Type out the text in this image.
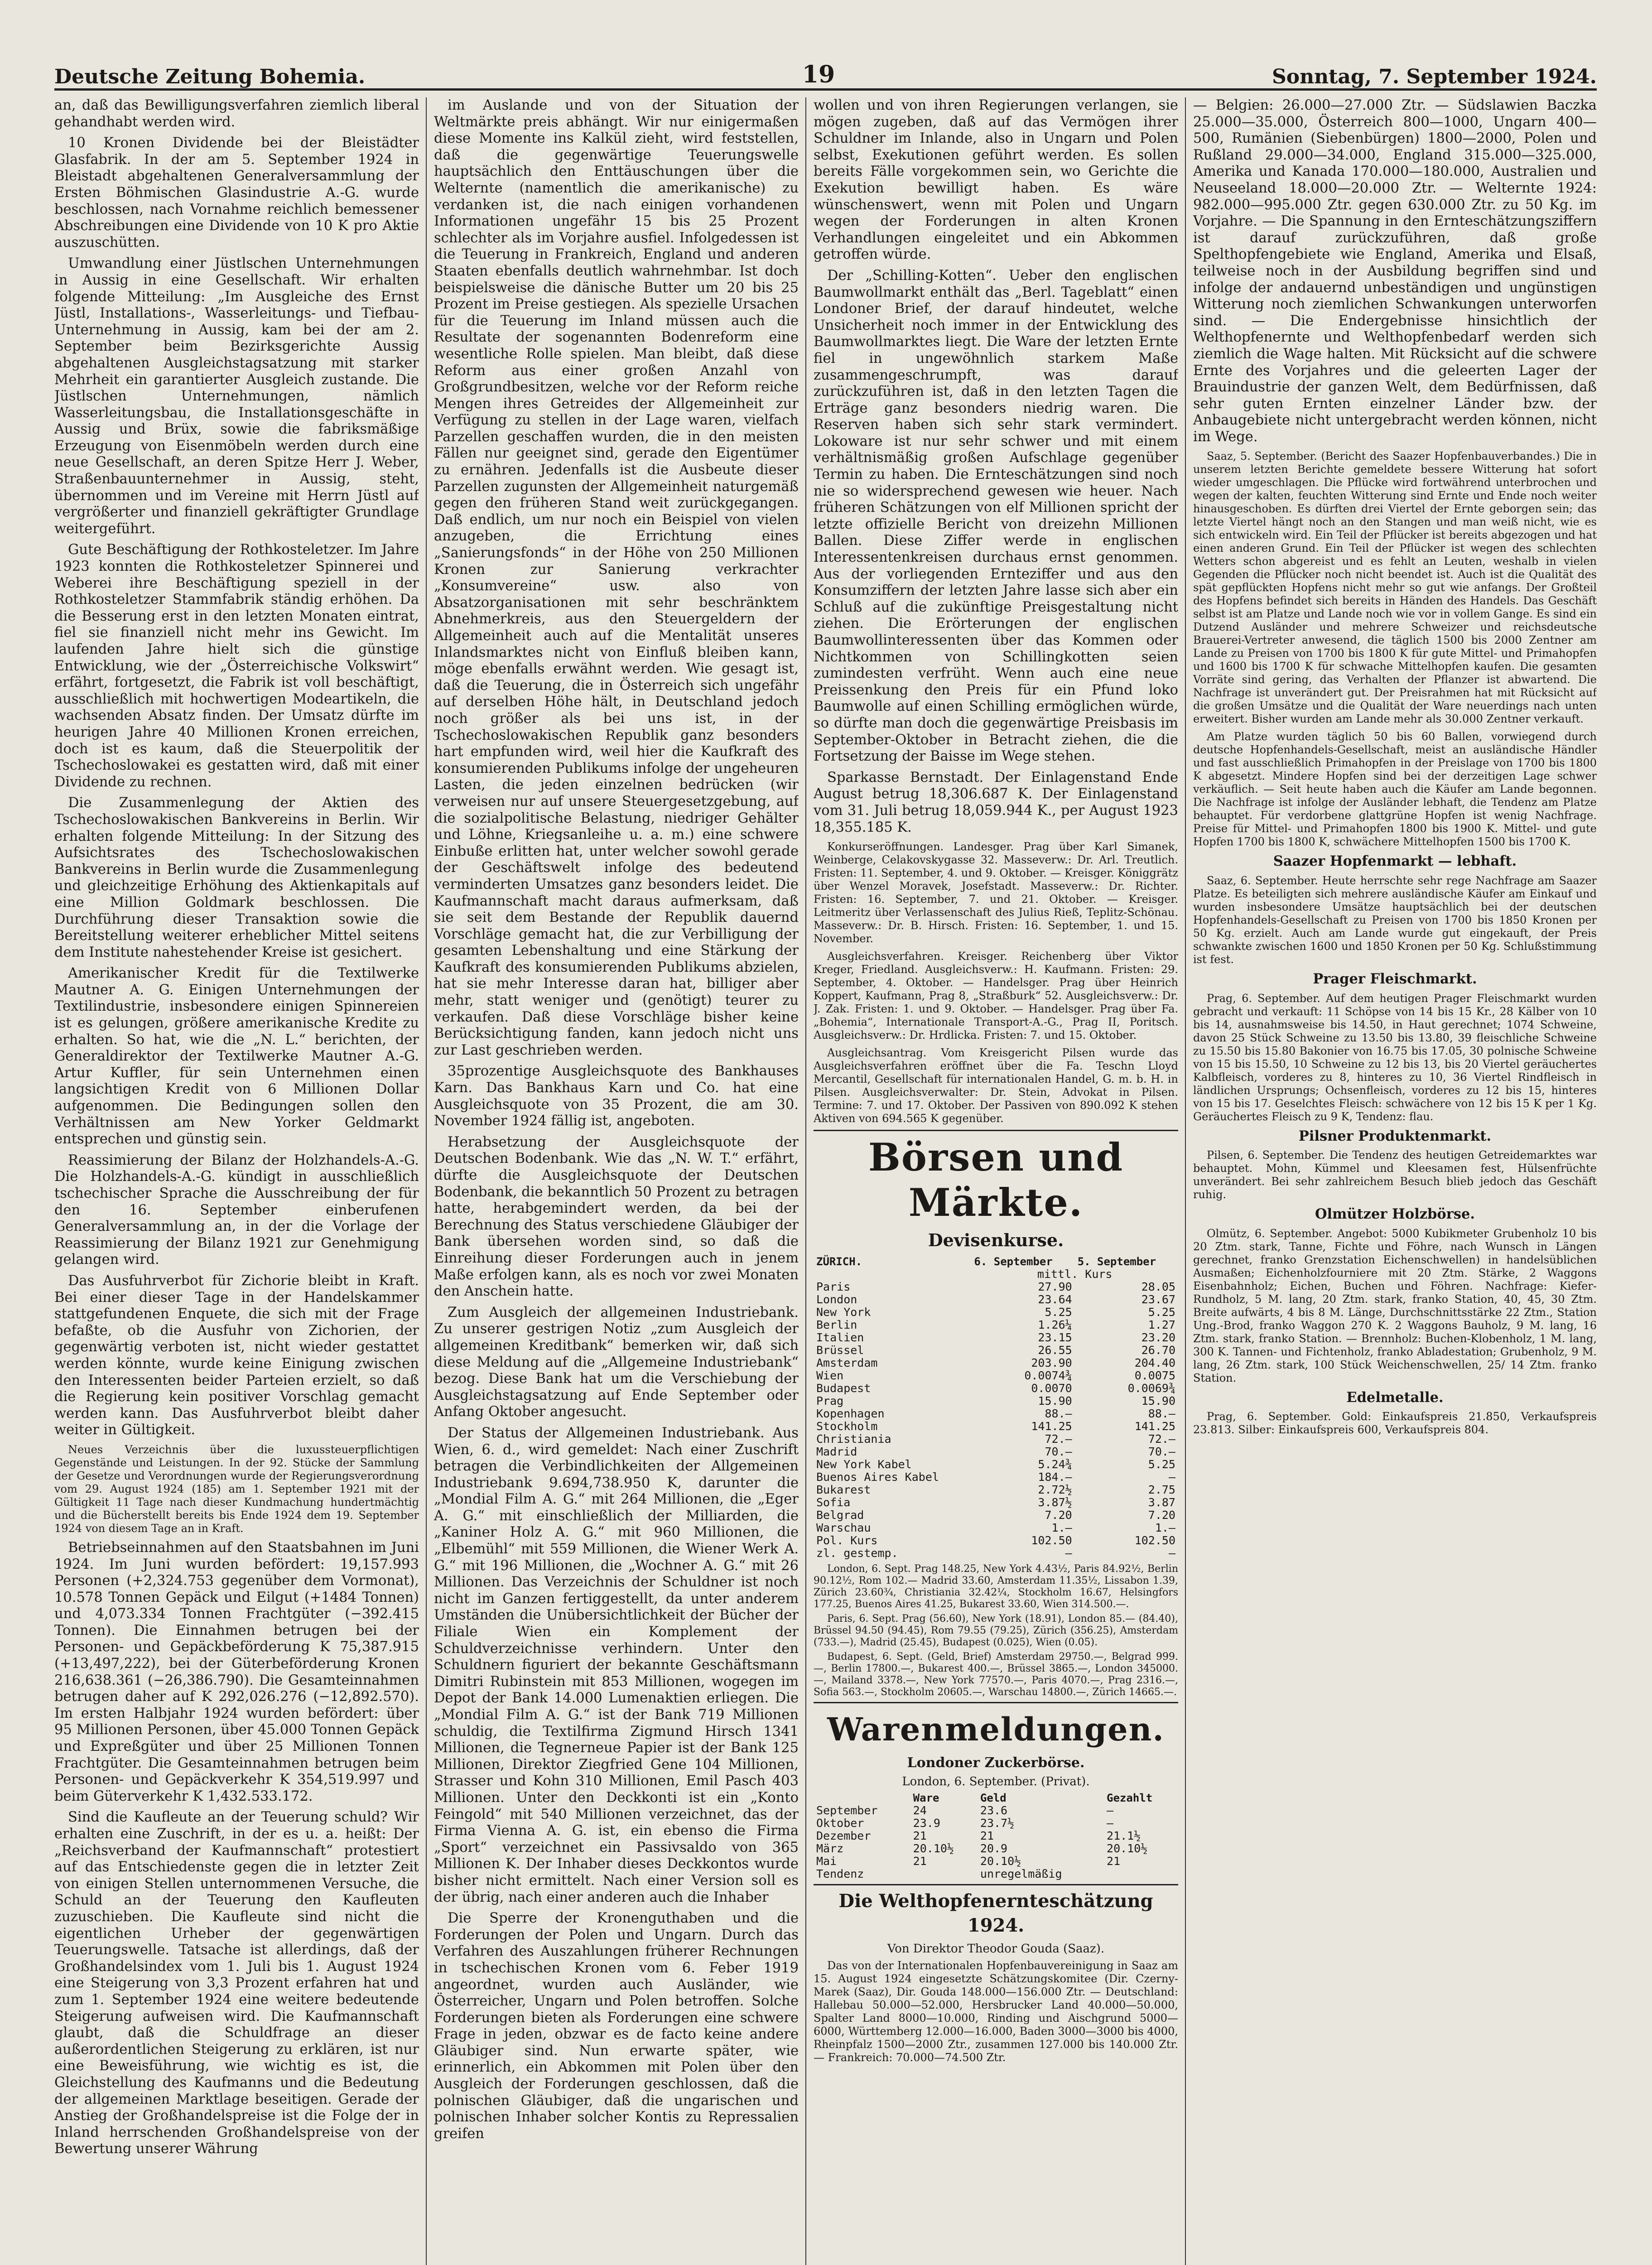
Deutsche Zeitung Bohemia.	19	Sonntag, 7. September 1924.

an, daß das Bewilligungsverfahren ziemlich liberal gehandhabt werden wird.

10 Kronen Dividende bei der Bleistädter Glasfabrik. In der am 5. September 1924 in Bleistadt abgehaltenen Generalversammlung der Ersten Böhmischen Glasindustrie A.-G. wurde beschlossen, nach Vornahme reichlich bemessener Abschreibungen eine Dividende von 10 K pro Aktie auszuschütten.

Umwandlung einer Jüstlschen Unternehmungen in Aussig in eine Gesellschaft. Wir erhalten folgende Mitteilung: „Im Ausgleiche des Ernst Jüstl, Installations-, Wasserleitungs- und Tiefbau-Unternehmung in Aussig, kam bei der am 2. September beim Bezirksgerichte Aussig abgehaltenen Ausgleichstagsatzung mit starker Mehrheit ein garantierter Ausgleich zustande. Die Jüstlschen Unternehmungen, nämlich Wasserleitungsbau, die Installationsgeschäfte in Aussig und Brüx, sowie die fabriksmäßige Erzeugung von Eisenmöbeln werden durch eine neue Gesellschaft, an deren Spitze Herr J. Weber, Straßenbauunternehmer in Aussig, steht, übernommen und im Vereine mit Herrn Jüstl auf vergrößerter und finanziell gekräftigter Grundlage weitergeführt.

Gute Beschäftigung der Rothkosteletzer. Im Jahre 1923 konnten die Rothkosteletzer Spinnerei und Weberei ihre Beschäftigung speziell in der Rothkosteletzer Stammfabrik ständig erhöhen. Da die Besserung erst in den letzten Monaten eintrat, fiel sie finanziell nicht mehr ins Gewicht. Im laufenden Jahre hielt sich die günstige Entwicklung, wie der „Österreichische Volkswirt“ erfährt, fortgesetzt, die Fabrik ist voll beschäftigt, ausschließlich mit hochwertigen Modeartikeln, die wachsenden Absatz finden. Der Umsatz dürfte im heurigen Jahre 40 Millionen Kronen erreichen, doch ist es kaum, daß die Steuerpolitik der Tschechoslowakei es gestatten wird, daß mit einer Dividende zu rechnen.

Die Zusammenlegung der Aktien des Tschechoslowakischen Bankvereins in Berlin. Wir erhalten folgende Mitteilung: In der Sitzung des Aufsichtsrates des Tschechoslowakischen Bankvereins in Berlin wurde die Zusammenlegung und gleichzeitige Erhöhung des Aktienkapitals auf eine Million Goldmark beschlossen. Die Durchführung dieser Transaktion sowie die Bereitstellung weiterer erheblicher Mittel seitens dem Institute nahestehender Kreise ist gesichert.

Amerikanischer Kredit für die Textilwerke Mautner A. G. Einigen Unternehmungen der Textilindustrie, insbesondere einigen Spinnereien ist es gelungen, größere amerikanische Kredite zu erhalten. So hat, wie die „N. L.“ berichten, der Generaldirektor der Textilwerke Mautner A.-G. Artur Kuffler, für sein Unternehmen einen langsichtigen Kredit von 6 Millionen Dollar aufgenommen. Die Bedingungen sollen den Verhältnissen am New Yorker Geldmarkt entsprechen und günstig sein.

Reassimierung der Bilanz der Holzhandels-A.-G. Die Holzhandels-A.-G. kündigt in ausschließlich tschechischer Sprache die Ausschreibung der für den 16. September einberufenen Generalversammlung an, in der die Vorlage der Reassimierung der Bilanz 1921 zur Genehmigung gelangen wird.

Das Ausfuhrverbot für Zichorie bleibt in Kraft. Bei einer dieser Tage in der Handelskammer stattgefundenen Enquete, die sich mit der Frage befaßte, ob die Ausfuhr von Zichorien, der gegenwärtig verboten ist, nicht wieder gestattet werden könnte, wurde keine Einigung zwischen den Interessenten beider Parteien erzielt, so daß die Regierung kein positiver Vorschlag gemacht werden kann. Das Ausfuhrverbot bleibt daher weiter in Gültigkeit.

Neues Verzeichnis über die luxussteuerpflichtigen Gegenstände und Leistungen. In der 92. Stücke der Sammlung der Gesetze und Verordnungen wurde der Regierungsverordnung vom 29. August 1924 (185) am 1. September 1921 mit der Gültigkeit 11 Tage nach dieser Kundmachung hundertmächtig und die Bücherstellt bereits bis Ende 1924 dem 19. September 1924 von diesem Tage an in Kraft.

Betriebseinnahmen auf den Staatsbahnen im Juni 1924. Im Juni wurden befördert: 19,157.993 Personen (+2,324.753 gegenüber dem Vormonat), 10.578 Tonnen Gepäck und Eilgut (+1484 Tonnen) und 4,073.334 Tonnen Frachtgüter (−392.415 Tonnen). Die Einnahmen betrugen bei der Personen- und Gepäckbeförderung K 75,387.915 (+13,497,222), bei der Güterbeförderung Kronen 216,638.361 (−26,386.790). Die Gesamteinnahmen betrugen daher auf K 292,026.276 (−12,892.570). Im ersten Halbjahr 1924 wurden befördert: über 95 Millionen Personen, über 45.000 Tonnen Gepäck und Expreßgüter und über 25 Millionen Tonnen Frachtgüter. Die Gesamteinnahmen betrugen beim Personen- und Gepäckverkehr K 354,519.997 und beim Güterverkehr K 1,432.533.172.

Sind die Kaufleute an der Teuerung schuld? Wir erhalten eine Zuschrift, in der es u. a. heißt: Der „Reichsverband der Kaufmannschaft“ protestiert auf das Entschiedenste gegen die in letzter Zeit von einigen Stellen unternommenen Versuche, die Schuld an der Teuerung den Kaufleuten zuzuschieben. Die Kaufleute sind nicht die eigentlichen Urheber der gegenwärtigen Teuerungswelle. Tatsache ist allerdings, daß der Großhandelsindex vom 1. Juli bis 1. August 1924 eine Steigerung von 3,3 Prozent erfahren hat und zum 1. September 1924 eine weitere bedeutende Steigerung aufweisen wird. Die Kaufmannschaft glaubt, daß die Schuldfrage an dieser außerordentlichen Steigerung zu erklären, ist nur eine Beweisführung, wie wichtig es ist, die Gleichstellung des Kaufmanns und die Bedeutung der allgemeinen Marktlage beseitigen. Gerade der Anstieg der Großhandelspreise ist die Folge der in Inland herrschenden Großhandelspreise von der Bewertung unserer Währung

im Auslande und von der Situation der Weltmärkte preis abhängt. Wir nur einigermaßen diese Momente ins Kalkül zieht, wird feststellen, daß die gegenwärtige Teuerungswelle hauptsächlich den Enttäuschungen über die Welternte (namentlich die amerikanische) zu verdanken ist, die nach einigen vorhandenen Informationen ungefähr 15 bis 25 Prozent schlechter als im Vorjahre ausfiel. Infolgedessen ist die Teuerung in Frankreich, England und anderen Staaten ebenfalls deutlich wahrnehmbar. Ist doch beispielsweise die dänische Butter um 20 bis 25 Prozent im Preise gestiegen. Als spezielle Ursachen für die Teuerung im Inland müssen auch die Resultate der sogenannten Bodenreform eine wesentliche Rolle spielen. Man bleibt, daß diese Reform aus einer großen Anzahl von Großgrundbesitzen, welche vor der Reform reiche Mengen ihres Getreides der Allgemeinheit zur Verfügung zu stellen in der Lage waren, vielfach Parzellen geschaffen wurden, die in den meisten Fällen nur geeignet sind, gerade den Eigentümer zu ernähren. Jedenfalls ist die Ausbeute dieser Parzellen zugunsten der Allgemeinheit naturgemäß gegen den früheren Stand weit zurückgegangen. Daß endlich, um nur noch ein Beispiel von vielen anzugeben, die Errichtung eines „Sanierungsfonds“ in der Höhe von 250 Millionen Kronen zur Sanierung verkrachter „Konsumvereine“ usw. also von Absatzorganisationen mit sehr beschränktem Abnehmerkreis, aus den Steuergeldern der Allgemeinheit auch auf die Mentalität unseres Inlandsmarktes nicht von Einfluß bleiben kann, möge ebenfalls erwähnt werden. Wie gesagt ist, daß die Teuerung, die in Österreich sich ungefähr auf derselben Höhe hält, in Deutschland jedoch noch größer als bei uns ist, in der Tschechoslowakischen Republik ganz besonders hart empfunden wird, weil hier die Kaufkraft des konsumierenden Publikums infolge der ungeheuren Lasten, die jeden einzelnen bedrücken (wir verweisen nur auf unsere Steuergesetzgebung, auf die sozialpolitische Belastung, niedriger Gehälter und Löhne, Kriegsanleihe u. a. m.) eine schwere Einbuße erlitten hat, unter welcher sowohl gerade der Geschäftswelt infolge des bedeutend verminderten Umsatzes ganz besonders leidet. Die Kaufmannschaft macht daraus aufmerksam, daß sie seit dem Bestande der Republik dauernd Vorschläge gemacht hat, die zur Verbilligung der gesamten Lebenshaltung und eine Stärkung der Kaufkraft des konsumierenden Publikums abzielen, hat sie mehr Interesse daran hat, billiger aber mehr, statt weniger und (genötigt) teurer zu verkaufen. Daß diese Vorschläge bisher keine Berücksichtigung fanden, kann jedoch nicht uns zur Last geschrieben werden.

35prozentige Ausgleichsquote des Bankhauses Karn. Das Bankhaus Karn und Co. hat eine Ausgleichsquote von 35 Prozent, die am 30. November 1924 fällig ist, angeboten.

Herabsetzung der Ausgleichsquote der Deutschen Bodenbank. Wie das „N. W. T.“ erfährt, dürfte die Ausgleichsquote der Deutschen Bodenbank, die bekanntlich 50 Prozent zu betragen hatte, herabgemindert werden, da bei der Berechnung des Status verschiedene Gläubiger der Bank übersehen worden sind, so daß die Einreihung dieser Forderungen auch in jenem Maße erfolgen kann, als es noch vor zwei Monaten den Anschein hatte.

Zum Ausgleich der allgemeinen Industriebank. Zu unserer gestrigen Notiz „zum Ausgleich der allgemeinen Kreditbank“ bemerken wir, daß sich diese Meldung auf die „Allgemeine Industriebank“ bezog. Diese Bank hat um die Verschiebung der Ausgleichstagsatzung auf Ende September oder Anfang Oktober angesucht.

Der Status der Allgemeinen Industriebank. Aus Wien, 6. d., wird gemeldet: Nach einer Zuschrift betragen die Verbindlichkeiten der Allgemeinen Industriebank 9.694,738.950 K, darunter die „Mondial Film A. G.“ mit 264 Millionen, die „Eger A. G.“ mit einschließlich der Milliarden, die „Kaniner Holz A. G.“ mit 960 Millionen, die „Elbemühl“ mit 559 Millionen, die Wiener Werk A. G.“ mit 196 Millionen, die „Wochner A. G.“ mit 26 Millionen. Das Verzeichnis der Schuldner ist noch nicht im Ganzen fertiggestellt, da unter anderem Umständen die Unübersichtlichkeit der Bücher der Filiale Wien ein Komplement der Schuldverzeichnisse verhindern. Unter den Schuldnern figuriert der bekannte Geschäftsmann Dimitri Rubinstein mit 853 Millionen, wogegen im Depot der Bank 14.000 Lumenaktien erliegen. Die „Mondial Film A. G.“ ist der Bank 719 Millionen schuldig, die Textilfirma Zigmund Hirsch 1341 Millionen, die Tegnerneue Papier ist der Bank 125 Millionen, Direktor Ziegfried Gene 104 Millionen, Strasser und Kohn 310 Millionen, Emil Pasch 403 Millionen. Unter den Deckkonti ist ein „Konto Feingold“ mit 540 Millionen verzeichnet, das der Firma Vienna A. G. ist, ein ebenso die Firma „Sport“ verzeichnet ein Passivsaldo von 365 Millionen K. Der Inhaber dieses Deckkontos wurde bisher nicht ermittelt. Nach einer Version soll es der übrig, nach einer anderen auch die Inhaber

Die Sperre der Kronenguthaben und die Forderungen der Polen und Ungarn. Durch das Verfahren des Auszahlungen früherer Rechnungen in tschechischen Kronen vom 6. Feber 1919 angeordnet, wurden auch Ausländer, wie Österreicher, Ungarn und Polen betroffen. Solche Forderungen bieten als Forderungen eine schwere Frage in jeden, obzwar es de facto keine andere Gläubiger sind. Nun erwarte später, wie erinnerlich, ein Abkommen mit Polen über den Ausgleich der Forderungen geschlossen, daß die polnischen Gläubiger, daß die ungarischen und polnischen Inhaber solcher Kontis zu Repressalien greifen

wollen und von ihren Regierungen verlangen, sie mögen zugeben, daß auf das Vermögen ihrer Schuldner im Inlande, also in Ungarn und Polen selbst, Exekutionen geführt werden. Es sollen bereits Fälle vorgekommen sein, wo Gerichte die Exekution bewilligt haben. Es wäre wünschenswert, wenn mit Polen und Ungarn wegen der Forderungen in alten Kronen Verhandlungen eingeleitet und ein Abkommen getroffen würde.

Der „Schilling-Kotten“. Ueber den englischen Baumwollmarkt enthält das „Berl. Tageblatt“ einen Londoner Brief, der darauf hindeutet, welche Unsicherheit noch immer in der Entwicklung des Baumwollmarktes liegt. Die Ware der letzten Ernte fiel in ungewöhnlich starkem Maße zusammengeschrumpft, was darauf zurückzuführen ist, daß in den letzten Tagen die Erträge ganz besonders niedrig waren. Die Reserven haben sich sehr stark vermindert. Lokoware ist nur sehr schwer und mit einem verhältnismäßig großen Aufschlage gegenüber Termin zu haben. Die Ernteschätzungen sind noch nie so widersprechend gewesen wie heuer. Nach früheren Schätzungen von elf Millionen spricht der letzte offizielle Bericht von dreizehn Millionen Ballen. Diese Ziffer werde in englischen Interessentenkreisen durchaus ernst genommen. Aus der vorliegenden Ernteziffer und aus den Konsumziffern der letzten Jahre lasse sich aber ein Schluß auf die zukünftige Preisgestaltung nicht ziehen. Die Erörterungen der englischen Baumwollinteressenten über das Kommen oder Nichtkommen von Schillingkotten seien zumindesten verfrüht. Wenn auch eine neue Preissenkung den Preis für ein Pfund loko Baumwolle auf einen Schilling ermöglichen würde, so dürfte man doch die gegenwärtige Preisbasis im September-Oktober in Betracht ziehen, die die Fortsetzung der Baisse im Wege stehen.

Sparkasse Bernstadt. Der Einlagenstand Ende August betrug 18,306.687 K. Der Einlagenstand vom 31. Juli betrug 18,059.944 K., per August 1923 18,355.185 K.

Konkurseröffnungen. Landesger. Prag über Karl Simanek, Weinberge, Celakovskygasse 32. Masseverw.: Dr. Arl. Treutlich. Fristen: 11. September, 4. und 9. Oktober. — Kreisger. Königgrätz über Wenzel Moravek, Josefstadt. Masseverw.: Dr. Richter. Fristen: 16. September, 7. und 21. Oktober. — Kreisger. Leitmeritz über Verlassenschaft des Julius Rieß, Teplitz-Schönau. Masseverw.: Dr. B. Hirsch. Fristen: 16. September, 1. und 15. November.

Ausgleichsverfahren. Kreisger. Reichenberg über Viktor Kreger, Friedland. Ausgleichsverw.: H. Kaufmann. Fristen: 29. September, 4. Oktober. — Handelsger. Prag über Heinrich Koppert, Kaufmann, Prag 8, „Straßburk“ 52. Ausgleichsverw.: Dr. J. Zak. Fristen: 1. und 9. Oktober. — Handelsger. Prag über Fa. „Bohemia“, Internationale Transport-A.-G., Prag II, Poritsch. Ausgleichsverw.: Dr. Hrdlicka. Fristen: 7. und 15. Oktober.

Ausgleichsantrag. Vom Kreisgericht Pilsen wurde das Ausgleichsverfahren eröffnet über die Fa. Teschn Lloyd Mercantil, Gesellschaft für internationalen Handel, G. m. b. H. in Pilsen. Ausgleichsverwalter: Dr. Stein, Advokat in Pilsen. Termine: 7. und 17. Oktober. Der Passiven von 890.092 K stehen Aktiven von 694.565 K gegenüber.

Börsen und Märkte.
Devisenkurse.
ZÜRICH.	6. September	5. September
	mittl. Kurs	
Paris	27.90	28.05
London	23.64	23.67
New York	5.25	5.25
Berlin	1.26¼	1.27
Italien	23.15	23.20
Brüssel	26.55	26.70
Amsterdam	203.90	204.40
Wien	0.0074¾	0.0075
Budapest	0.0070	0.0069¾
Prag	15.90	15.90
Kopenhagen	88.—	88.—
Stockholm	141.25	141.25
Christiania	72.—	72.—
Madrid	70.—	70.—
New York Kabel	5.24¾	5.25
Buenos Aires Kabel	184.—	—
Bukarest	2.72½	2.75
Sofia	3.87½	3.87
Belgrad	7.20	7.20
Warschau	1.—	1.—
Pol. Kurs	102.50	102.50
zl. gestemp.	—	—

London, 6. Sept. Prag 148.25, New York 4.43½, Paris 84.92½, Berlin 90.12½, Rom 102.— Madrid 33.60, Amsterdam 11.35½, Lissabon 1.39, Zürich 23.60¾, Christiania 32.42¼, Stockholm 16.67, Helsingfors 177.25, Buenos Aires 41.25, Bukarest 33.60, Wien 314.500.—.

Paris, 6. Sept. Prag (56.60), New York (18.91), London 85.— (84.40), Brüssel 94.50 (94.45), Rom 79.55 (79.25), Zürich (356.25), Amsterdam (733.—), Madrid (25.45), Budapest (0.025), Wien (0.05).

Budapest, 6. Sept. (Geld, Brief) Amsterdam 29750.—, Belgrad 999.—, Berlin 17800.—, Bukarest 400.—, Brüssel 3865.—, London 345000.—, Mailand 3378.—, New York 77570.—, Paris 4070.—, Prag 2316.—, Sofia 563.—, Stockholm 20605.—, Warschau 14800.—, Zürich 14665.—.

Warenmeldungen.
Londoner Zuckerbörse.
London, 6. September. (Privat).
	Ware	Geld	Gezahlt
September	24	23.6	—
Oktober	23.9	23.7½	—
Dezember	21	21	21.1½
März	20.10½	20.9	20.10½
Mai	21	20.10½	21
Tendenz		unregelmäßig	
Die Welthopfenernteschätzung 1924.
Von Direktor Theodor Gouda (Saaz).

Das von der Internationalen Hopfenbauvereinigung in Saaz am 15. August 1924 eingesetzte Schätzungskomitee (Dir. Czerny-Marek (Saaz), Dir. Gouda 148.000—156.000 Ztr. — Deutschland: Hallebau 50.000—52.000, Hersbrucker Land 40.000—50.000, Spalter Land 8000—10.000, Rinding und Aischgrund 5000—6000, Württemberg 12.000—16.000, Baden 3000—3000 bis 4000, Rheinpfalz 1500—2000 Ztr., zusammen 127.000 bis 140.000 Ztr. — Frankreich: 70.000—74.500 Ztr.

— Belgien: 26.000—27.000 Ztr. — Südslawien Baczka 25.000—35.000, Österreich 800—1000, Ungarn 400—500, Rumänien (Siebenbürgen) 1800—2000, Polen und Rußland 29.000—34.000, England 315.000—325.000, Amerika und Kanada 170.000—180.000, Australien und Neuseeland 18.000—20.000 Ztr. — Welternte 1924: 982.000—995.000 Ztr. gegen 630.000 Ztr. zu 50 Kg. im Vorjahre. — Die Spannung in den Ernteschätzungsziffern ist darauf zurückzuführen, daß große Spelthopfengebiete wie England, Amerika und Elsaß, teilweise noch in der Ausbildung begriffen sind und infolge der andauernd unbeständigen und ungünstigen Witterung noch ziemlichen Schwankungen unterworfen sind. — Die Endergebnisse hinsichtlich der Welthopfenernte und Welthopfenbedarf werden sich ziemlich die Wage halten. Mit Rücksicht auf die schwere Ernte des Vorjahres und die geleerten Lager der Brauindustrie der ganzen Welt, dem Bedürfnissen, daß sehr guten Ernten einzelner Länder bzw. der Anbaugebiete nicht untergebracht werden können, nicht im Wege.

Saaz, 5. September. (Bericht des Saazer Hopfenbauverbandes.) Die in unserem letzten Berichte gemeldete bessere Witterung hat sofort wieder umgeschlagen. Die Pflücke wird fortwährend unterbrochen und wegen der kalten, feuchten Witterung sind Ernte und Ende noch weiter hinausgeschoben. Es dürften drei Viertel der Ernte geborgen sein; das letzte Viertel hängt noch an den Stangen und man weiß nicht, wie es sich entwickeln wird. Ein Teil der Pflücker ist bereits abgezogen und hat einen anderen Grund. Ein Teil der Pflücker ist wegen des schlechten Wetters schon abgereist und es fehlt an Leuten, weshalb in vielen Gegenden die Pflücker noch nicht beendet ist. Auch ist die Qualität des spät gepflückten Hopfens nicht mehr so gut wie anfangs. Der Großteil des Hopfens befindet sich bereits in Händen des Handels. Das Geschäft selbst ist am Platze und Lande noch wie vor in vollem Gange. Es sind ein Dutzend Ausländer und mehrere Schweizer und reichsdeutsche Brauerei-Vertreter anwesend, die täglich 1500 bis 2000 Zentner am Lande zu Preisen von 1700 bis 1800 K für gute Mittel- und Primahopfen und 1600 bis 1700 K für schwache Mittelhopfen kaufen. Die gesamten Vorräte sind gering, das Verhalten der Pflanzer ist abwartend. Die Nachfrage ist unverändert gut. Der Preisrahmen hat mit Rücksicht auf die großen Umsätze und die Qualität der Ware neuerdings nach unten erweitert. Bisher wurden am Lande mehr als 30.000 Zentner verkauft.

Am Platze wurden täglich 50 bis 60 Ballen, vorwiegend durch deutsche Hopfenhandels-Gesellschaft, meist an ausländische Händler und fast ausschließlich Primahopfen in der Preislage von 1700 bis 1800 K abgesetzt. Mindere Hopfen sind bei der derzeitigen Lage schwer verkäuflich. — Seit heute haben auch die Käufer am Lande begonnen. Die Nachfrage ist infolge der Ausländer lebhaft, die Tendenz am Platze behauptet. Für verdorbene glattgrüne Hopfen ist wenig Nachfrage. Preise für Mittel- und Primahopfen 1800 bis 1900 K. Mittel- und gute Hopfen 1700 bis 1800 K, schwächere Mittelhopfen 1500 bis 1700 K.

Saazer Hopfenmarkt — lebhaft.

Saaz, 6. September. Heute herrschte sehr rege Nachfrage am Saazer Platze. Es beteiligten sich mehrere ausländische Käufer am Einkauf und wurden insbesondere Umsätze hauptsächlich bei der deutschen Hopfenhandels-Gesellschaft zu Preisen von 1700 bis 1850 Kronen per 50 Kg. erzielt. Auch am Lande wurde gut eingekauft, der Preis schwankte zwischen 1600 und 1850 Kronen per 50 Kg. Schlußstimmung ist fest.

Prager Fleischmarkt.

Prag, 6. September. Auf dem heutigen Prager Fleischmarkt wurden gebracht und verkauft: 11 Schöpse von 14 bis 15 Kr., 28 Kälber von 10 bis 14, ausnahmsweise bis 14.50, in Haut gerechnet; 1074 Schweine, davon 25 Stück Schweine zu 13.50 bis 13.80, 39 fleischliche Schweine zu 15.50 bis 15.80 Bakonier von 16.75 bis 17.05, 30 polnische Schweine von 15 bis 15.50, 10 Schweine zu 12 bis 13, bis 20 Viertel geräuchertes Kalbfleisch, vorderes zu 8, hinteres zu 10, 36 Viertel Rindfleisch in ländlichen Ursprungs; Ochsenfleisch, vorderes zu 12 bis 15, hinteres von 15 bis 17. Geselchtes Fleisch: schwächere von 12 bis 15 K per 1 Kg. Geräuchertes Fleisch zu 9 K, Tendenz: flau.

Pilsner Produktenmarkt.

Pilsen, 6. September. Die Tendenz des heutigen Getreidemarktes war behauptet. Mohn, Kümmel und Kleesamen fest, Hülsenfrüchte unverändert. Bei sehr zahlreichem Besuch blieb jedoch das Geschäft ruhig.

Olmützer Holzbörse.

Olmütz, 6. September. Angebot: 5000 Kubikmeter Grubenholz 10 bis 20 Ztm. stark, Tanne, Fichte und Föhre, nach Wunsch in Längen gerechnet, franko Grenzstation Eichenschwellen) in handelsüblichen Ausmaßen; Eichenholzfourniere mit 20 Ztm. Stärke, 2 Waggons Eisenbahnholz; Eichen, Buchen und Föhren. Nachfrage: Kiefer-Rundholz, 5 M. lang, 20 Ztm. stark, franko Station, 40, 45, 30 Ztm. Breite aufwärts, 4 bis 8 M. Länge, Durchschnittsstärke 22 Ztm., Station Ung.-Brod, franko Waggon 270 K. 2 Waggons Bauholz, 9 M. lang, 16 Ztm. stark, franko Station. — Brennholz: Buchen-Klobenholz, 1 M. lang, 300 K. Tannen- und Fichtenholz, franko Abladestation; Grubenholz, 9 M. lang, 26 Ztm. stark, 100 Stück Weichenschwellen, 25/ 14 Ztm. franko Station.

Edelmetalle.

Prag, 6. September. Gold: Einkaufspreis 21.850, Verkaufspreis 23.813. Silber: Einkaufspreis 600, Verkaufspreis 804.
